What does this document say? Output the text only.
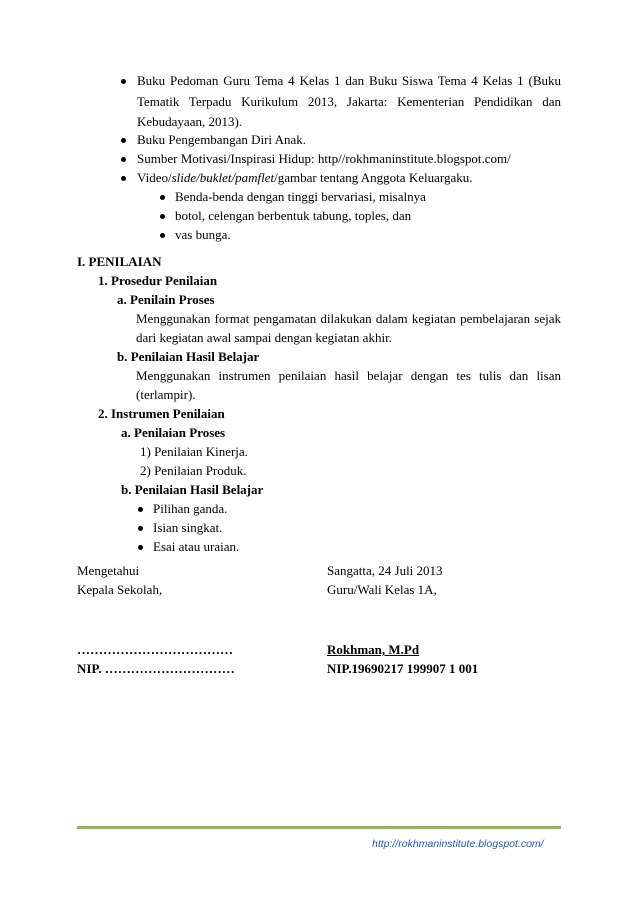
Buku Pedoman Guru Tema 4 Kelas 1 dan Buku Siswa Tema 4 Kelas 1 (Buku
Tematik Terpadu Kurikulum 2013, Jakarta: Kementerian Pendidikan dan
Kebudayaan, 2013).
Buku Pengembangan Diri Anak.
Sumber Motivasi/Inspirasi Hidup: http//rokhmaninstitute.blogspot.com/
Video/slide/buklet/pamflet/gambar tentang Anggota Keluargaku.
Benda-benda dengan tinggi bervariasi, misalnya
botol, celengan berbentuk tabung, toples, dan
vas bunga.
I. PENILAIAN
1. Prosedur Penilaian
a. Penilain Proses
Menggunakan format pengamatan dilakukan dalam kegiatan pembelajaran sejak
dari kegiatan awal sampai dengan kegiatan akhir.
b. Penilaian Hasil Belajar
Menggunakan instrumen penilaian hasil belajar dengan tes tulis dan lisan
(terlampir).
2. Instrumen Penilaian
a. Penilaian Proses
1) Penilaian Kinerja.
2) Penilaian Produk.
b. Penilaian Hasil Belajar
Pilihan ganda.
Isian singkat.
Esai atau uraian.
Mengetahui
Kepala Sekolah,
Sangatta, 24 Juli 2013
Guru/Wali Kelas 1A,
………………………………
NIP. …………………………
Rokhman, M.Pd
NIP.19690217 199907 1 001
http://rokhmaninstitute.blogspot.com/
